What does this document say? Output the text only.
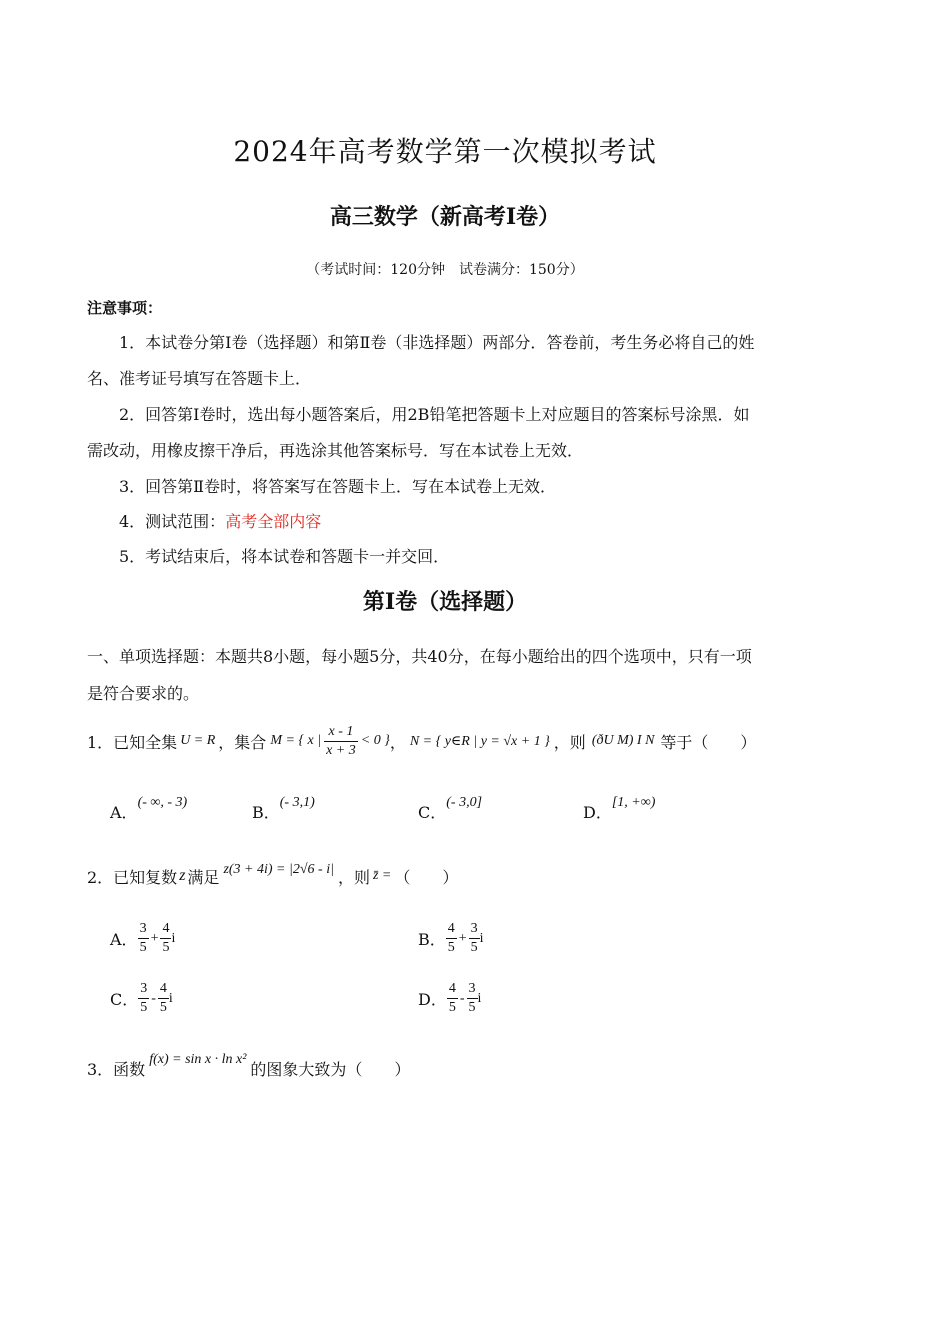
2024年高考数学第一次模拟考试
高三数学（新高考I卷）
（考试时间：120分钟　试卷满分：150分）
注意事项：
1．本试卷分第Ⅰ卷（选择题）和第Ⅱ卷（非选择题）两部分．答卷前，考生务必将自己的姓
名、准考证号填写在答题卡上．
2．回答第Ⅰ卷时，选出每小题答案后，用2B铅笔把答题卡上对应题目的答案标号涂黑．如
需改动，用橡皮擦干净后，再选涂其他答案标号．写在本试卷上无效．
3．回答第Ⅱ卷时，将答案写在答题卡上．写在本试卷上无效．
4．测试范围：高考全部内容
5．考试结束后，将本试卷和答题卡一并交回．
第I卷（选择题）
一、单项选择题：本题共8小题，每小题5分，共40分，在每小题给出的四个选项中，只有一项
是符合要求的。
1．已知全集 U = R ，集合 M = { x | $\frac{x - 1}{x + 3} < 0$ } ， N = { y∈R | y = √x + 1 } ，则 (ðU M) I N 等于（　　）
A．(- ∞, - 3)
B．(- 3,1)
C．(- 3,0]
D．[1, +∞)
2．已知复数 z 满足 z(3 + 4i) = |2√6 - i| ，则 z̄ = （　　）
A． $\frac{3}{5} + \frac{4}{5}$ i	B． $\frac{4}{5} + \frac{3}{5}$ i
C． $\frac{3}{5} - \frac{4}{5}$ i	D． $\frac{4}{5} - \frac{3}{5}$ i
3．函数
f(x) = sin x · ln x²
的图象大致为（　　）
